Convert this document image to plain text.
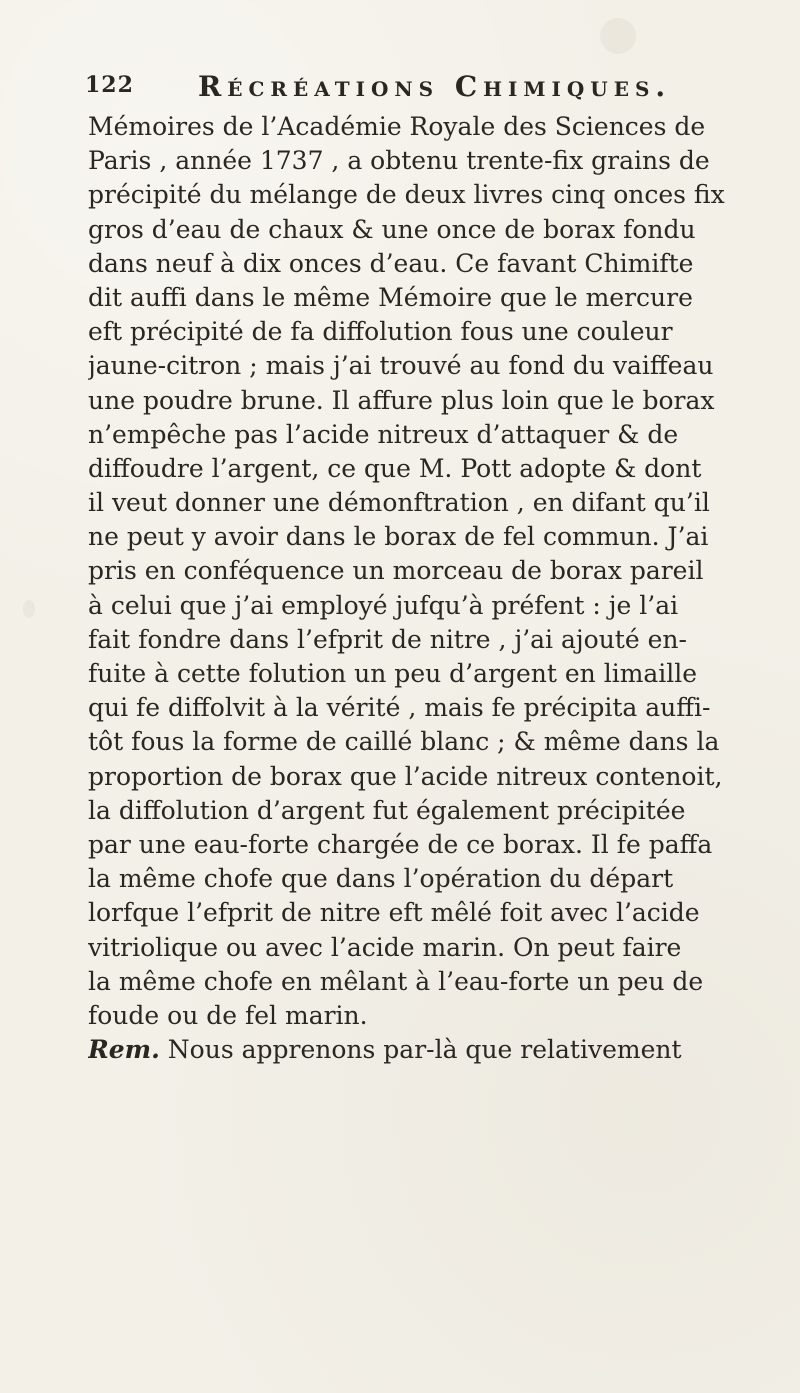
122 Récréations Chimiques.
Mémoires de l’Académie Royale des Sciences de
Paris , année 1737 , a obtenu trente-fix grains de
précipité du mélange de deux livres cinq onces fix
gros d’eau de chaux & une once de borax fondu
dans neuf à dix onces d’eau. Ce favant Chimifte
dit auffi dans le même Mémoire que le mercure
eft précipité de fa diffolution fous une couleur
jaune-citron ; mais j’ai trouvé au fond du vaiffeau
une poudre brune. Il affure plus loin que le borax
n’empêche pas l’acide nitreux d’attaquer & de
diffoudre l’argent, ce que M. Pott adopte & dont
il veut donner une démonftration , en difant qu’il
ne peut y avoir dans le borax de fel commun. J’ai
pris en conféquence un morceau de borax pareil
à celui que j’ai employé jufqu’à préfent : je l’ai
fait fondre dans l’efprit de nitre , j’ai ajouté en-
fuite à cette folution un peu d’argent en limaille
qui fe diffolvit à la vérité , mais fe précipita auffi-
tôt fous la forme de caillé blanc ; & même dans la
proportion de borax que l’acide nitreux contenoit,
la diffolution d’argent fut également précipitée
par une eau-forte chargée de ce borax. Il fe paffa
la même chofe que dans l’opération du départ
lorfque l’efprit de nitre eft mêlé foit avec l’acide
vitriolique ou avec l’acide marin. On peut faire
la même chofe en mêlant à l’eau-forte un peu de
foude ou de fel marin.
Rem. Nous apprenons par-là que relativement
